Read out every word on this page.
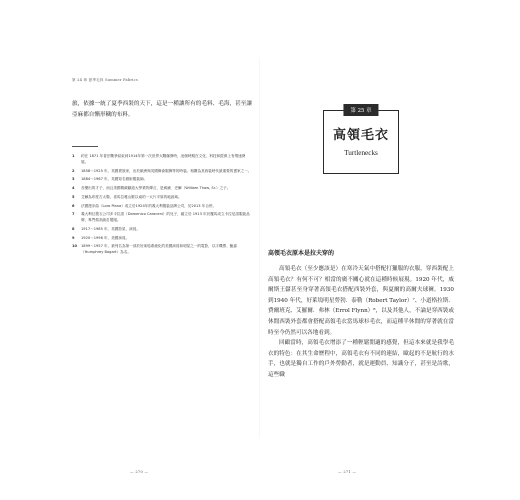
第 24 章 夏季毛料 Summer Fabrics

旅，依據一統了夏季西裝的天下，這是一種讓所有的毛料、毛海，甚至讓亞麻都自慚形穢的布料。

1	約在 1871 年普法戰爭結束到1914年第一次世界大戰爆發時，這個時期在文化、科技和經濟上有飛速發展。
2	1858～1925 年，英國貴族家，出於歐洲與英國舞會服飾等的時裝。相關為其西裝時代最重要的畫家之一。
3	1884～1967 年，英國知名藝術服裝師。
4	音樂出的才子，而且美國精緻鐵道大學業的傳言，是威廉．史爾（William Thaw, Sr.）之子。
5	艾爾為印度古太陽，喜馬拉雅山脈以南的一大片平原的地區域。
6	法國漫步曲（Loro Piana）成立於1924年的義大利服裝品牌公司，於2013 年合併。
7	義大利紅製衣公司多卡拉諾（Domenico Caraceni）的兒子，確立於 1913 年於羅馬成立卡拉尼諾服裝品牌，專門做高級訂製服。
8	1917～1985 年，英國影星、演員。
9	1920～1996 年，美國演員。
10	1899～1957 年，被列名為第一部於好萊塢系統化的美國演員和明星之一的電影，以宇機票、鮑嘉（Humphrey Bogart）為名。
— 270 —
第 25 章
高領毛衣
Turtlenecks
高領毛衣原本是拉夫穿的

高領毛衣（至少應該是）在寒冷天氣中搭配打獵服的衣服，穿西裝配上高領毛衣？有何不可？相當的廣不關心就在這種時候展現。1920 年代，威爾斯王儲甚至身穿著高領毛衣搭配西裝外套，與夏爾的高爾夫球褲。1930 到1940 年代，好萊塢明星勞勃．泰勒（Robert Taylor）⁷、小道格拉斯．費爾班克、艾羅爾．弗林（Errol Flynn）⁸，以及其他人，不論是穿西裝或休閒西裝外套都會搭配高領毛衣當馬球衫毛衣，而這種半休閒的穿著就在當時至今仍然可以各地看到。

回顧當時，高領毛衣增添了一種輕鬆閒適的感覺，但這本來就是我學毛衣的特色：在其生命歷程中，高領毛衣有不同的連結，歐起的不是航行的水手，也就是獨自工作的戶外勞動者，就是運動員、知識分子，甚至是詩歌，這些職

— 271 —
